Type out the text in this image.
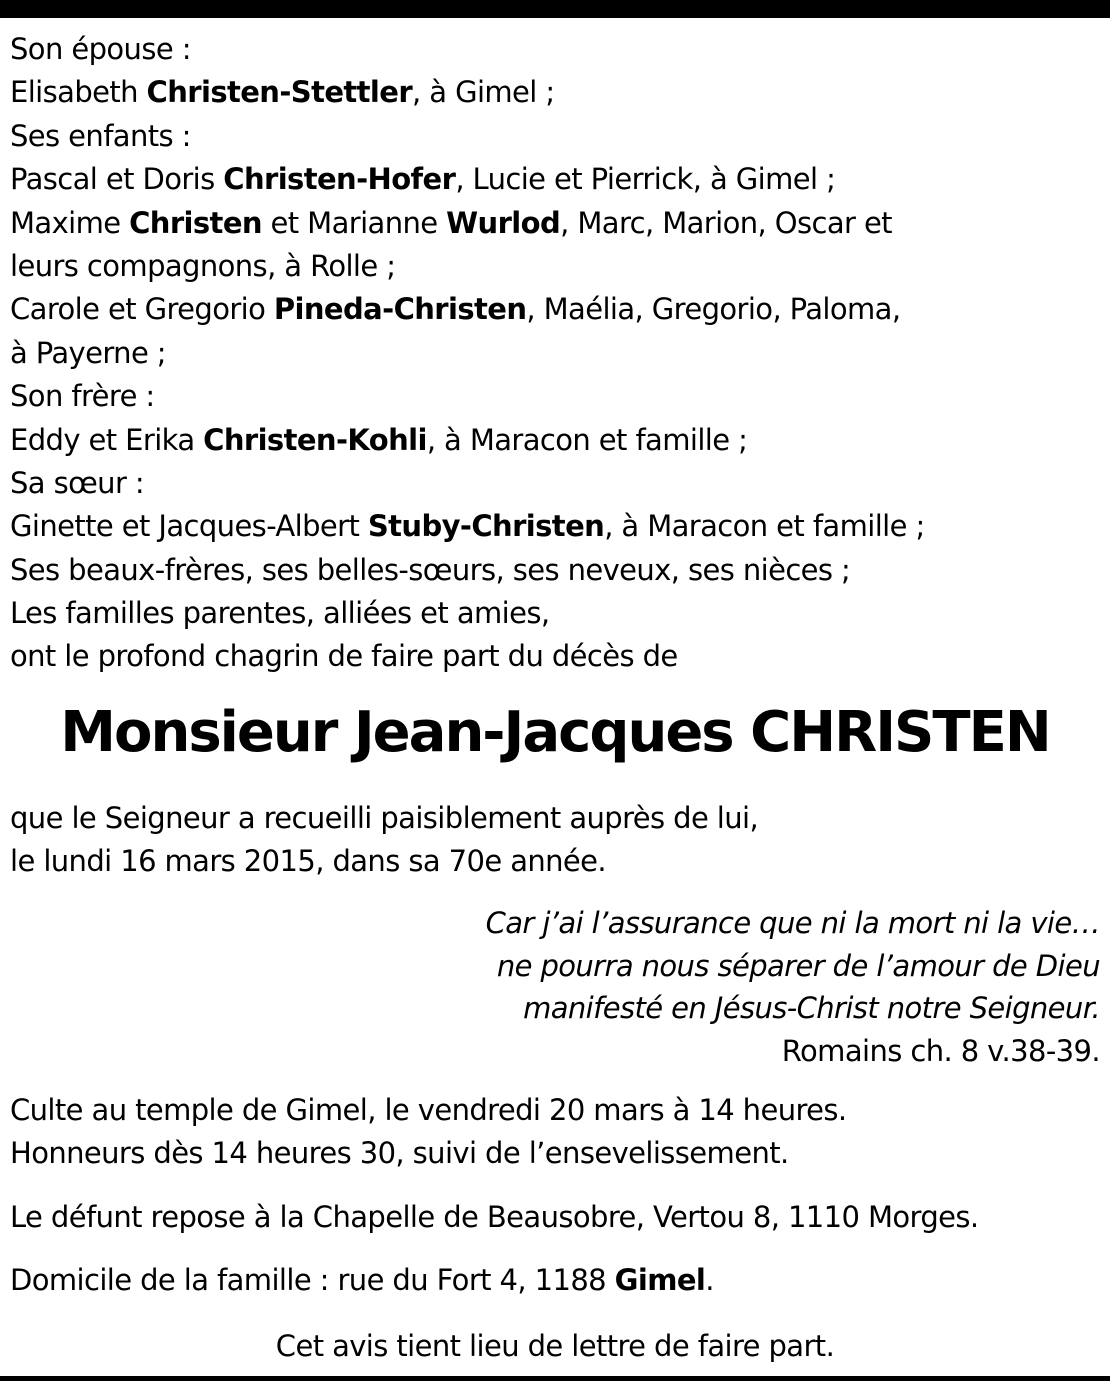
Son épouse :
Elisabeth Christen-Stettler, à Gimel ;
Ses enfants :
Pascal et Doris Christen-Hofer, Lucie et Pierrick, à Gimel ;
Maxime Christen et Marianne Wurlod, Marc, Marion, Oscar et
leurs compagnons, à Rolle ;
Carole et Gregorio Pineda-Christen, Maélia, Gregorio, Paloma,
à Payerne ;
Son frère :
Eddy et Erika Christen-Kohli, à Maracon et famille ;
Sa sœur :
Ginette et Jacques-Albert Stuby-Christen, à Maracon et famille ;
Ses beaux-frères, ses belles-sœurs, ses neveux, ses nièces ;
Les familles parentes, alliées et amies,
ont le profond chagrin de faire part du décès de
Monsieur Jean-Jacques CHRISTEN
que le Seigneur a recueilli paisiblement auprès de lui,
le lundi 16 mars 2015, dans sa 70e année.
Car j’ai l’assurance que ni la mort ni la vie…
ne pourra nous séparer de l’amour de Dieu
manifesté en Jésus-Christ notre Seigneur.
Romains ch. 8 v.38-39.
Culte au temple de Gimel, le vendredi 20 mars à 14 heures.
Honneurs dès 14 heures 30, suivi de l’ensevelissement.
Le défunt repose à la Chapelle de Beausobre, Vertou 8, 1110 Morges.
Domicile de la famille : rue du Fort 4, 1188 Gimel.
Cet avis tient lieu de lettre de faire part.
